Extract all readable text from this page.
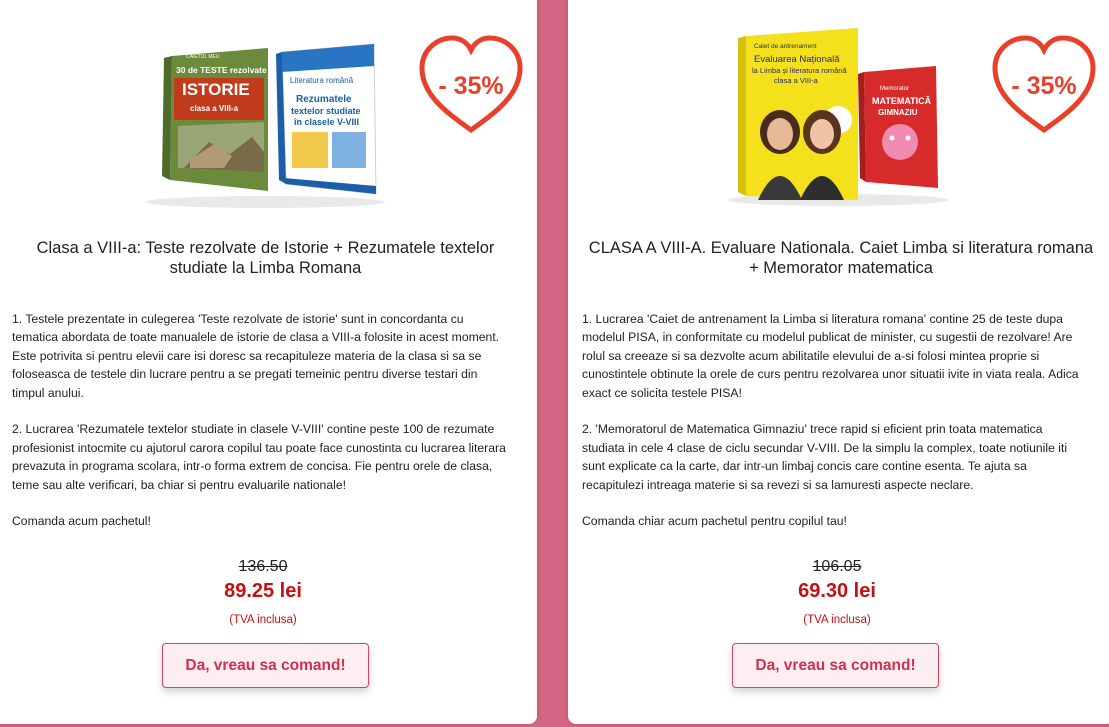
CAIETUL MEU
30 de TESTE rezolvate
ISTORIE
clasa a VIII-a
Literatura română
Rezumatele
textelor studiate
în clasele V-VIII
- 35%
Clasa a VIII-a: Teste rezolvate de Istorie + Rezumatele textelor studiate la Limba Romana

1. Testele prezentate in culegerea 'Teste rezolvate de istorie' sunt in concordanta cu tematica abordata de toate manualele de istorie de clasa a VIII-a folosite in acest moment. Este potrivita si pentru elevii care isi doresc sa recapituleze materia de la clasa si sa se foloseasca de testele din lucrare pentru a se pregati temeinic pentru diverse testari din timpul anului.

2. Lucrarea 'Rezumatele textelor studiate in clasele V-VIII' contine peste 100 de rezumate profesionist intocmite cu ajutorul carora copilul tau poate face cunostinta cu lucrarea literara prevazuta in programa scolara, intr-o forma extrem de concisa. Fie pentru orele de clasa, teme sau alte verificari, ba chiar si pentru evaluarile nationale!

Comanda acum pachetul!

136.50
89.25 lei
(TVA inclusa)
Da, vreau sa comand!
Caiet de antrenament
Evaluarea Națională
la Limba și literatura română
clasa a VIII-a
Memorator
MATEMATICĂ
GIMNAZIU
- 35%
CLASA A VIII-A. Evaluare Nationala. Caiet Limba si literatura romana + Memorator matematica

1. Lucrarea 'Caiet de antrenament la Limba si literatura romana' contine 25 de teste dupa modelul PISA, in conformitate cu modelul publicat de minister, cu sugestii de rezolvare! Are rolul sa creeaze si sa dezvolte acum abilitatile elevului de a-si folosi mintea proprie si cunostintele obtinute la orele de curs pentru rezolvarea unor situatii ivite in viata reala. Adica exact ce solicita testele PISA!

2. 'Memoratorul de Matematica Gimnaziu' trece rapid si eficient prin toata matematica studiata in cele 4 clase de ciclu secundar V-VIII. De la simplu la complex, toate notiunile iti sunt explicate ca la carte, dar intr-un limbaj concis care contine esenta. Te ajuta sa recapitulezi intreaga materie si sa revezi si sa lamuresti aspecte neclare.

Comanda chiar acum pachetul pentru copilul tau!

106.05
69.30 lei
(TVA inclusa)
Da, vreau sa comand!
